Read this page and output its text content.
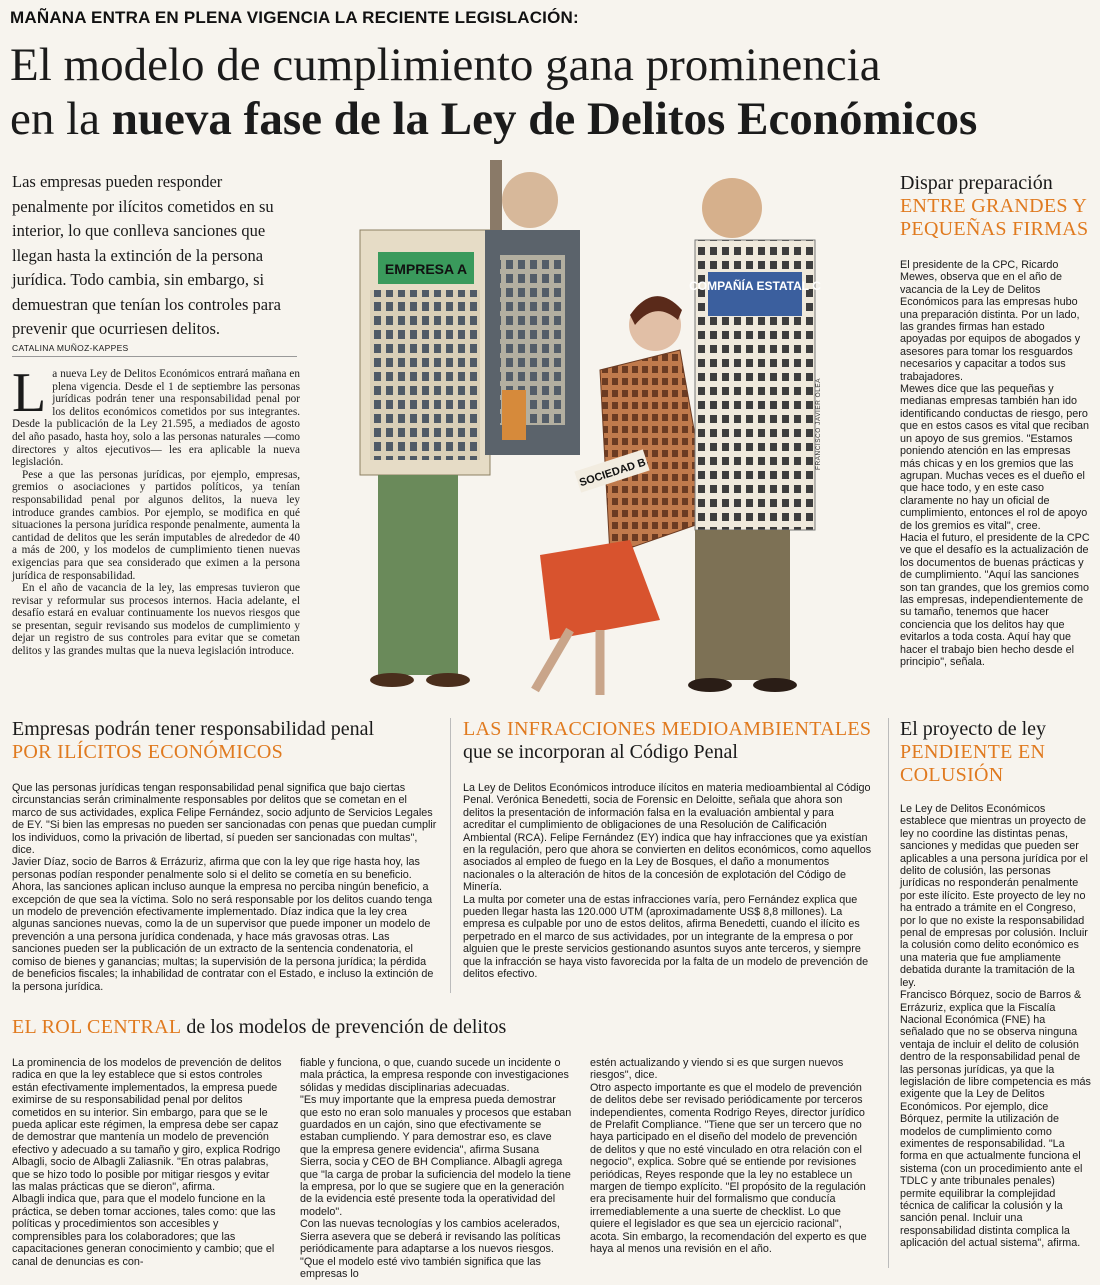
MAÑANA ENTRA EN PLENA VIGENCIA LA RECIENTE LEGISLACIÓN:
El modelo de cumplimiento gana prominencia
en la nueva fase de la Ley de Delitos Económicos
Las empresas pueden responder penalmente por ilícitos cometidos en su interior, lo que conlleva sanciones que llegan hasta la extinción de la persona jurídica. Todo cambia, sin embargo, si demuestran que tenían los controles para prevenir que ocurriesen delitos.
CATALINA MUÑOZ-KAPPES
L a nueva Ley de Delitos Económicos entrará mañana en plena vigencia. Desde el 1 de septiembre las personas jurídicas podrán tener una responsabilidad penal por los delitos económicos cometidos por sus integrantes. Desde la publicación de la Ley 21.595, a mediados de agosto del año pasado, hasta hoy, solo a las personas naturales —como directores y altos ejecutivos— les era aplicable la nueva legislación.

Pese a que las personas jurídicas, por ejemplo, empresas, gremios o asociaciones y partidos políticos, ya tenían responsabilidad penal por algunos delitos, la nueva ley introduce grandes cambios. Por ejemplo, se modifica en qué situaciones la persona jurídica responde penalmente, aumenta la cantidad de delitos que les serán imputables de alrededor de 40 a más de 200, y los modelos de cumplimiento tienen nuevas exigencias para que sea considerado que eximen a la persona jurídica de responsabilidad.

En el año de vacancia de la ley, las empresas tuvieron que revisar y reformular sus procesos internos. Hacia adelante, el desafío estará en evaluar continuamente los nuevos riesgos que se presentan, seguir revisando sus modelos de cumplimiento y dejar un registro de sus controles para evitar que se cometan delitos y las grandes multas que la nueva legislación introduce.

EMPRESA A
SOCIEDAD B
COMPAÑÍA ESTATAL C
FRANCISCO JAVIER OLEA
Dispar preparación
ENTRE GRANDES Y PEQUEÑAS FIRMAS

El presidente de la CPC, Ricardo Mewes, observa que en el año de vacancia de la Ley de Delitos Económicos para las empresas hubo una preparación distinta. Por un lado, las grandes firmas han estado apoyadas por equipos de abogados y asesores para tomar los resguardos necesarios y capacitar a todos sus trabajadores.

Mewes dice que las pequeñas y medianas empresas también han ido identificando conductas de riesgo, pero que en estos casos es vital que reciban un apoyo de sus gremios. "Estamos poniendo atención en las empresas más chicas y en los gremios que las agrupan. Muchas veces es el dueño el que hace todo, y en este caso claramente no hay un oficial de cumplimiento, entonces el rol de apoyo de los gremios es vital", cree.

Hacia el futuro, el presidente de la CPC ve que el desafío es la actualización de los documentos de buenas prácticas y de cumplimiento. "Aquí las sanciones son tan grandes, que los gremios como las empresas, independientemente de su tamaño, tenemos que hacer conciencia que los delitos hay que evitarlos a toda costa. Aquí hay que hacer el trabajo bien hecho desde el principio", señala.

Empresas podrán tener responsabilidad penal
POR ILÍCITOS ECONÓMICOS

Que las personas jurídicas tengan responsabilidad penal significa que bajo ciertas circunstancias serán criminalmente responsables por delitos que se cometan en el marco de sus actividades, explica Felipe Fernández, socio adjunto de Servicios Legales de EY. "Si bien las empresas no pueden ser sancionadas con penas que puedan cumplir los individuos, como la privación de libertad, sí pueden ser sancionadas con multas", dice.

Javier Díaz, socio de Barros & Errázuriz, afirma que con la ley que rige hasta hoy, las personas podían responder penalmente solo si el delito se cometía en su beneficio. Ahora, las sanciones aplican incluso aunque la empresa no perciba ningún beneficio, a excepción de que sea la víctima. Solo no será responsable por los delitos cuando tenga un modelo de prevención efectivamente implementado. Díaz indica que la ley crea algunas sanciones nuevas, como la de un supervisor que puede imponer un modelo de prevención a una persona jurídica condenada, y hace más gravosas otras. Las sanciones pueden ser la publicación de un extracto de la sentencia condenatoria, el comiso de bienes y ganancias; multas; la supervisión de la persona jurídica; la pérdida de beneficios fiscales; la inhabilidad de contratar con el Estado, e incluso la extinción de la persona jurídica.

LAS INFRACCIONES MEDIOAMBIENTALES
que se incorporan al Código Penal

La Ley de Delitos Económicos introduce ilícitos en materia medioambiental al Código Penal. Verónica Benedetti, socia de Forensic en Deloitte, señala que ahora son delitos la presentación de información falsa en la evaluación ambiental y para acreditar el cumplimiento de obligaciones de una Resolución de Calificación Ambiental (RCA). Felipe Fernández (EY) indica que hay infracciones que ya existían en la regulación, pero que ahora se convierten en delitos económicos, como aquellos asociados al empleo de fuego en la Ley de Bosques, el daño a monumentos nacionales o la alteración de hitos de la concesión de explotación del Código de Minería.

La multa por cometer una de estas infracciones varía, pero Fernández explica que pueden llegar hasta las 120.000 UTM (aproximadamente US$ 8,8 millones). La empresa es culpable por uno de estos delitos, afirma Benedetti, cuando el ilícito es perpetrado en el marco de sus actividades, por un integrante de la empresa o por alguien que le preste servicios gestionando asuntos suyos ante terceros, y siempre que la infracción se haya visto favorecida por la falta de un modelo de prevención de delitos efectivo.

El proyecto de ley
PENDIENTE EN COLUSIÓN

Le Ley de Delitos Económicos establece que mientras un proyecto de ley no coordine las distintas penas, sanciones y medidas que pueden ser aplicables a una persona jurídica por el delito de colusión, las personas jurídicas no responderán penalmente por este ilícito. Este proyecto de ley no ha entrado a trámite en el Congreso, por lo que no existe la responsabilidad penal de empresas por colusión. Incluir la colusión como delito económico es una materia que fue ampliamente debatida durante la tramitación de la ley.

Francisco Bórquez, socio de Barros & Errázuriz, explica que la Fiscalía Nacional Económica (FNE) ha señalado que no se observa ninguna ventaja de incluir el delito de colusión dentro de la responsabilidad penal de las personas jurídicas, ya que la legislación de libre competencia es más exigente que la Ley de Delitos Económicos. Por ejemplo, dice Bórquez, permite la utilización de modelos de cumplimiento como eximentes de responsabilidad. "La forma en que actualmente funciona el sistema (con un procedimiento ante el TDLC y ante tribunales penales) permite equilibrar la complejidad técnica de calificar la colusión y la sanción penal. Incluir una responsabilidad distinta complica la aplicación del actual sistema", afirma.

EL ROL CENTRAL de los modelos de prevención de delitos

La prominencia de los modelos de prevención de delitos radica en que la ley establece que si estos controles están efectivamente implementados, la empresa puede eximirse de su responsabilidad penal por delitos cometidos en su interior. Sin embargo, para que se le pueda aplicar este régimen, la empresa debe ser capaz de demostrar que mantenía un modelo de prevención efectivo y adecuado a su tamaño y giro, explica Rodrigo Albagli, socio de Albagli Zaliasnik. "En otras palabras, que se hizo todo lo posible por mitigar riesgos y evitar las malas prácticas que se dieron", afirma.

Albagli indica que, para que el modelo funcione en la práctica, se deben tomar acciones, tales como: que las políticas y procedimientos son accesibles y comprensibles para los colaboradores; que las capacitaciones generan conocimiento y cambio; que el canal de denuncias es con-

fiable y funciona, o que, cuando sucede un incidente o mala práctica, la empresa responde con investigaciones sólidas y medidas disciplinarias adecuadas.

"Es muy importante que la empresa pueda demostrar que esto no eran solo manuales y procesos que estaban guardados en un cajón, sino que efectivamente se estaban cumpliendo. Y para demostrar eso, es clave que la empresa genere evidencia", afirma Susana Sierra, socia y CEO de BH Compliance. Albagli agrega que "la carga de probar la suficiencia del modelo la tiene la empresa, por lo que se sugiere que en la generación de la evidencia esté presente toda la operatividad del modelo".

Con las nuevas tecnologías y los cambios acelerados, Sierra asevera que se deberá ir revisando las políticas periódicamente para adaptarse a los nuevos riesgos. "Que el modelo esté vivo también significa que las empresas lo

estén actualizando y viendo si es que surgen nuevos riesgos", dice.

Otro aspecto importante es que el modelo de prevención de delitos debe ser revisado periódicamente por terceros independientes, comenta Rodrigo Reyes, director jurídico de Prelafit Compliance. "Tiene que ser un tercero que no haya participado en el diseño del modelo de prevención de delitos y que no esté vinculado en otra relación con el negocio", explica. Sobre qué se entiende por revisiones periódicas, Reyes responde que la ley no establece un margen de tiempo explícito. "El propósito de la regulación era precisamente huir del formalismo que conducía irremediablemente a una suerte de checklist. Lo que quiere el legislador es que sea un ejercicio racional", acota. Sin embargo, la recomendación del experto es que haya al menos una revisión en el año.
